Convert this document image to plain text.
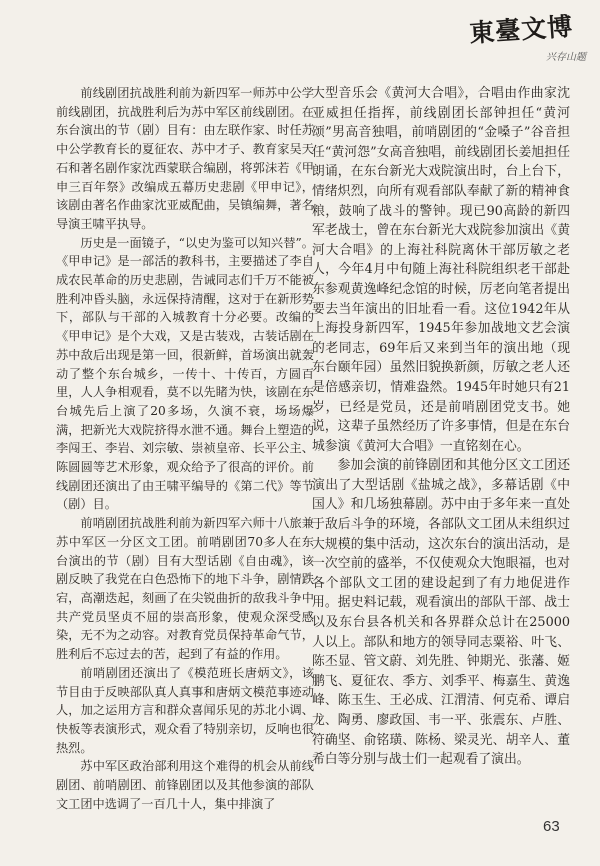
東臺文博
兴存山题

前线剧团抗战胜利前为新四军一师苏中公学前线剧团，抗战胜利后为苏中军区前线剧团。在东台演出的节（剧）目有：由左联作家、时任苏中公学教育长的夏征农、苏中才子、教育家吴天石和著名剧作家沈西蒙联合编剧，将郭沫若《甲申三百年祭》改编成五幕历史悲剧《甲申记》，该剧由著名作曲家沈亚威配曲，吴镇编舞，著名导演王啸平执导。

历史是一面镜子，“以史为鉴可以知兴替”。《甲申记》是一部活的教科书，主要描述了李自成农民革命的历史悲剧，告诫同志们千万不能被胜利冲昏头脑，永远保持清醒，这对于在新形势下，部队与干部的入城教育十分必要。改编的《甲申记》是个大戏，又是古装戏，古装话剧在苏中敌后出现是第一回，很新鲜，首场演出就轰动了整个东台城乡，一传十、十传百，方圆百里，人人争相观看，莫不以先睹为快，该剧在东台城先后上演了20多场，久演不衰，场场爆满，把新光大戏院挤得水泄不通。舞台上塑造的李闯王、李岩、刘宗敏、崇祯皇帝、长平公主、陈圆圆等艺术形象，观众给予了很高的评价。前线剧团还演出了由王啸平编导的《第二代》等节（剧）目。

前哨剧团抗战胜利前为新四军六师十八旅兼苏中军区一分区文工团。前哨剧团70多人在东台演出的节（剧）目有大型话剧《自由魂》，该剧反映了我党在白色恐怖下的地下斗争，剧情跌宕，高潮迭起，刻画了在尖锐曲折的敌我斗争中共产党员坚贞不屈的崇高形象，使观众深受感染，无不为之动容。对教育党员保持革命气节，胜利后不忘过去的苦，起到了有益的作用。

前哨剧团还演出了《模范班长唐炳文》，该节目由于反映部队真人真事和唐炳文模范事迹动人，加之运用方言和群众喜闻乐见的苏北小调、快板等表演形式，观众看了特别亲切，反响也很热烈。

苏中军区政治部利用这个难得的机会从前线剧团、前哨剧团、前锋剧团以及其他参演的部队文工团中选调了一百几十人，集中排演了

大型音乐会《黄河大合唱》，合唱由作曲家沈亚威担任指挥，前线剧团长部钟担任“黄河颂”男高音独唱，前哨剧团的“金嗓子”谷音担任“黄河怨”女高音独唱，前线剧团长姜旭担任朗诵，在东台新光大戏院演出时，台上台下，情绪炽烈，向所有观看部队奉献了新的精神食粮，鼓响了战斗的警钟。现已90高龄的新四军老战士，曾在东台新光大戏院参加演出《黄河大合唱》的上海社科院离休干部厉敏之老人，今年4月中旬随上海社科院组织老干部赴东参观黄逸峰纪念馆的时候，厉老向笔者提出要去当年演出的旧址看一看。这位1942年从上海投身新四军，1945年参加战地文艺会演的老同志，69年后又来到当年的演出地（现东台颐年园）虽然旧貌换新颜，厉敏之老人还是倍感亲切，情难盎然。1945年时她只有21岁，已经是党员，还是前哨剧团党支书。她说，这辈子虽然经历了许多事情，但是在东台城参演《黄河大合唱》一直铭刻在心。

参加会演的前锋剧团和其他分区文工团还演出了大型话剧《盐城之战》，多幕话剧《中国人》和几场独幕剧。苏中由于多年来一直处于敌后斗争的环境，各部队文工团从未组织过大规模的集中活动，这次东台的演出活动，是一次空前的盛举，不仅使观众大饱眼福，也对各个部队文工团的建设起到了有力地促进作用。据史料记载，观看演出的部队干部、战士以及东台县各机关和各界群众总计在25000人以上。部队和地方的领导同志粟裕、叶飞、陈丕显、管文蔚、刘先胜、钟期光、张藩、姬鹏飞、夏征农、季方、刘季平、梅嘉生、黄逸峰、陈玉生、王必成、江渭清、何克希、谭启龙、陶勇、廖政国、韦一平、张震东、卢胜、符确坚、俞铭璜、陈杨、梁灵光、胡辛人、董希白等分别与战士们一起观看了演出。

63
